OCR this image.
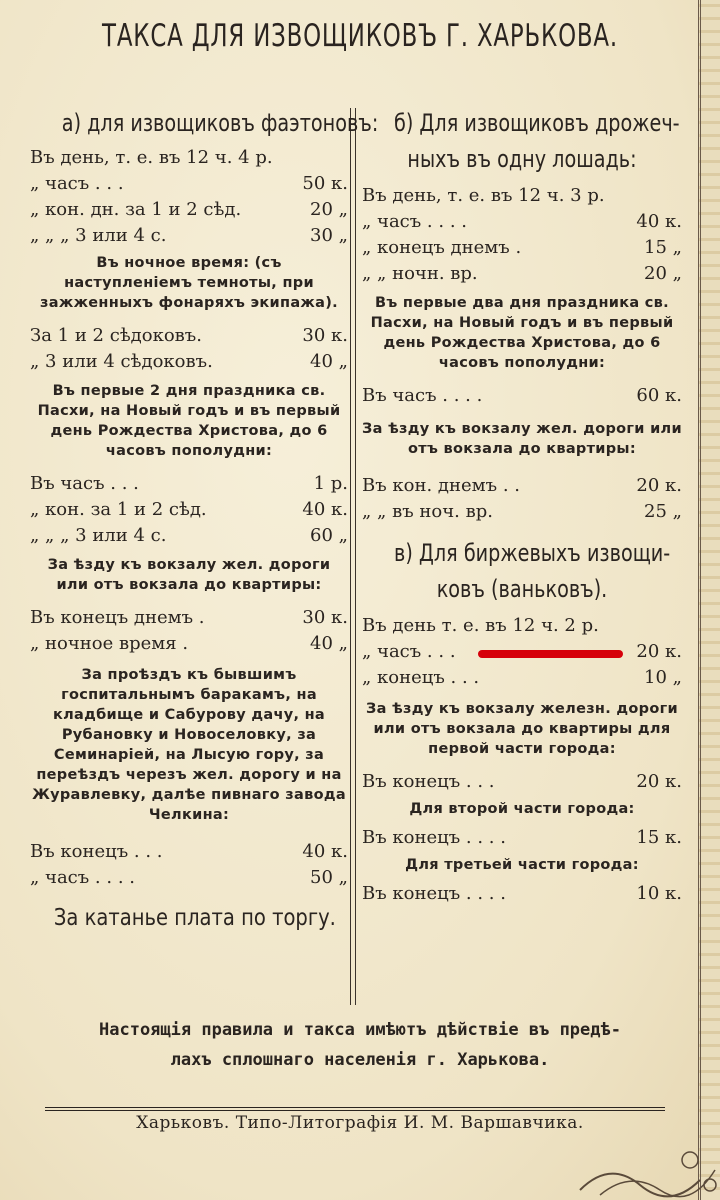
ТАКСА ДЛЯ ИЗВОЩИКОВЪ Г. ХАРЬКОВА.
а) для извощиковъ фаэтоновъ:
Въ день, т. е. въ 12 ч. 4 р.
„ часъ . . .	50 к.
„ кон. дн. за 1 и 2 сѣд.	20 „
„ „ „ 3 или 4 с.	30 „
Въ ночное время: (съ наступленіемъ темноты, при зажженныхъ фонаряхъ экипажа).
За 1 и 2 сѣдоковъ.	30 к.
„ 3 или 4 сѣдоковъ.	40 „
Въ первые 2 дня праздника св. Пасхи, на Новый годъ и въ первый день Рождества Христова, до 6 часовъ пополудни:
Въ часъ . . .	1 р.
„ кон. за 1 и 2 сѣд.	40 к.
„ „ „ 3 или 4 с.	60 „
За ѣзду къ вокзалу жел. дороги или отъ вокзала до квартиры:
Въ конецъ днемъ .	30 к.
„ ночное время .	40 „
За проѣздъ къ бывшимъ госпитальнымъ баракамъ, на кладбище и Сабурову дачу, на Рубановку и Новоселовку, за Семинаріей, на Лысую гору, за переѣздъ черезъ жел. дорогу и на Журавлевку, далѣе пивнаго завода Челкина:
Въ конецъ . . .	40 к.
„ часъ . . . .	50 „
За катанье плата по торгу.
б) Для извощиковъ дрожеч-
ныхъ въ одну лошадь:
Въ день, т. е. въ 12 ч. 3 р.
„ часъ . . . .	40 к.
„ конецъ днемъ .	15 „
„ „ ночн. вр.	20 „
Въ первые два дня праздника св. Пасхи, на Новый годъ и въ первый день Рождества Христова, до 6 часовъ пополудни:
Въ часъ . . . .	60 к.
За ѣзду къ вокзалу жел. дороги или отъ вокзала до квартиры:
Въ кон. днемъ . .	20 к.
„ „ въ ноч. вр.	25 „
в) Для биржевыхъ извощи-
ковъ (ваньковъ).
Въ день т. е. въ 12 ч. 2 р.
„ часъ . . .	20 к.
„ конецъ . . .	10 „
За ѣзду къ вокзалу железн. дороги или отъ вокзала до квартиры для первой части города:
Въ конецъ . . .	20 к.
Для второй части города:
Въ конецъ . . . .	15 к.
Для третьей части города:
Въ конецъ . . . .	10 к.
Настоящія правила и такса имѣютъ дѣйствіе въ предѣ-
лахъ сплошнаго населенія г. Харькова.
Харьковъ. Типо-Литографія И. М. Варшавчика.
